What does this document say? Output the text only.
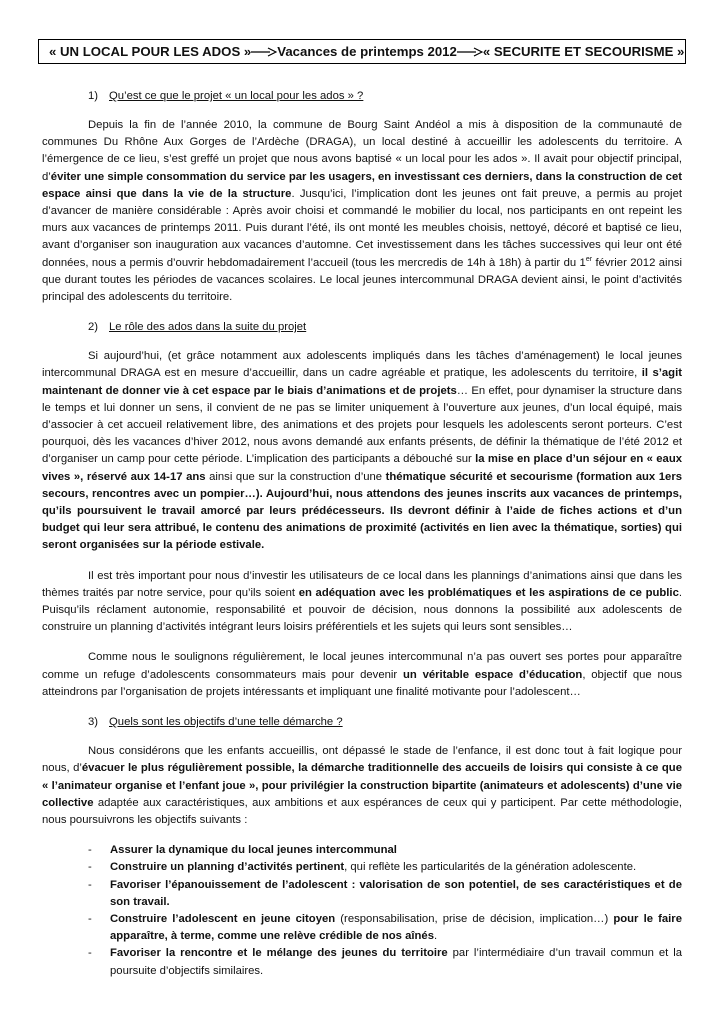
« UN LOCAL POUR LES ADOS » Vacances de printemps 2012 « SECURITE ET SECOURISME »
1) Qu’est ce que le projet « un local pour les ados » ?

Depuis la fin de l’année 2010, la commune de Bourg Saint Andéol a mis à disposition de la communauté de communes Du Rhône Aux Gorges de l’Ardèche (DRAGA), un local destiné à accueillir les adolescents du territoire. A l’émergence de ce lieu, s’est greffé un projet que nous avons baptisé « un local pour les ados ». Il avait pour objectif principal, d’éviter une simple consommation du service par les usagers, en investissant ces derniers, dans la construction de cet espace ainsi que dans la vie de la structure. Jusqu’ici, l’implication dont les jeunes ont fait preuve, a permis au projet d’avancer de manière considérable : Après avoir choisi et commandé le mobilier du local, nos participants en ont repeint les murs aux vacances de printemps 2011. Puis durant l’été, ils ont monté les meubles choisis, nettoyé, décoré et baptisé ce lieu, avant d’organiser son inauguration aux vacances d’automne. Cet investissement dans les tâches successives qui leur ont été données, nous a permis d’ouvrir hebdomadairement l’accueil (tous les mercredis de 14h à 18h) à partir du 1er février 2012 ainsi que durant toutes les périodes de vacances scolaires. Le local jeunes intercommunal DRAGA devient ainsi, le point d’activités principal des adolescents du territoire.

2) Le rôle des ados dans la suite du projet

Si aujourd’hui, (et grâce notamment aux adolescents impliqués dans les tâches d’aménagement) le local jeunes intercommunal DRAGA est en mesure d’accueillir, dans un cadre agréable et pratique, les adolescents du territoire, il s’agit maintenant de donner vie à cet espace par le biais d’animations et de projets… En effet, pour dynamiser la structure dans le temps et lui donner un sens, il convient de ne pas se limiter uniquement à l’ouverture aux jeunes, d’un local équipé, mais d’associer à cet accueil relativement libre, des animations et des projets pour lesquels les adolescents seront porteurs. C’est pourquoi, dès les vacances d’hiver 2012, nous avons demandé aux enfants présents, de définir la thématique de l’été 2012 et d’organiser un camp pour cette période. L’implication des participants a débouché sur la mise en place d’un séjour en « eaux vives », réservé aux 14-17 ans ainsi que sur la construction d’une thématique sécurité et secourisme (formation aux 1ers secours, rencontres avec un pompier…). Aujourd’hui, nous attendons des jeunes inscrits aux vacances de printemps, qu’ils poursuivent le travail amorcé par leurs prédécesseurs. Ils devront définir à l’aide de fiches actions et d’un budget qui leur sera attribué, le contenu des animations de proximité (activités en lien avec la thématique, sorties) qui seront organisées sur la période estivale.

Il est très important pour nous d’investir les utilisateurs de ce local dans les plannings d’animations ainsi que dans les thèmes traités par notre service, pour qu’ils soient en adéquation avec les problématiques et les aspirations de ce public. Puisqu’ils réclament autonomie, responsabilité et pouvoir de décision, nous donnons la possibilité aux adolescents de construire un planning d’activités intégrant leurs loisirs préférentiels et les sujets qui leurs sont sensibles…

Comme nous le soulignons régulièrement, le local jeunes intercommunal n’a pas ouvert ses portes pour apparaître comme un refuge d’adolescents consommateurs mais pour devenir un véritable espace d’éducation, objectif que nous atteindrons par l’organisation de projets intéressants et impliquant une finalité motivante pour l’adolescent…

3) Quels sont les objectifs d’une telle démarche ?

Nous considérons que les enfants accueillis, ont dépassé le stade de l’enfance, il est donc tout à fait logique pour nous, d’évacuer le plus régulièrement possible, la démarche traditionnelle des accueils de loisirs qui consiste à ce que « l’animateur organise et l’enfant joue », pour privilégier la construction bipartite (animateurs et adolescents) d’une vie collective adaptée aux caractéristiques, aux ambitions et aux espérances de ceux qui y participent. Par cette méthodologie, nous poursuivrons les objectifs suivants :

- Assurer la dynamique du local jeunes intercommunal
- Construire un planning d’activités pertinent, qui reflète les particularités de la génération adolescente.
- Favoriser l’épanouissement de l’adolescent : valorisation de son potentiel, de ses caractéristiques et de son travail.
- Construire l’adolescent en jeune citoyen (responsabilisation, prise de décision, implication…) pour le faire apparaître, à terme, comme une relève crédible de nos aînés.
- Favoriser la rencontre et le mélange des jeunes du territoire par l’intermédiaire d’un travail commun et la poursuite d’objectifs similaires.
